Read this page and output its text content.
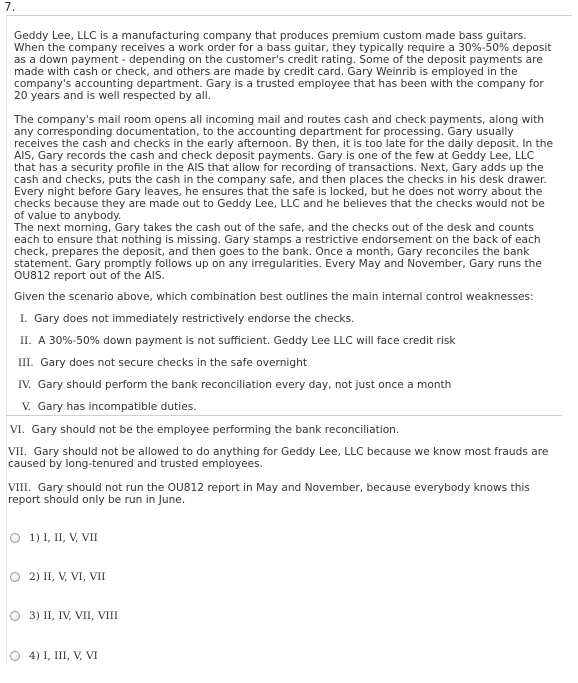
7.

Geddy Lee, LLC is a manufacturing company that produces premium custom made bass guitars. When the company receives a work order for a bass guitar, they typically require a 30%-50% deposit as a down payment - depending on the customer's credit rating. Some of the deposit payments are made with cash or check, and others are made by credit card. Gary Weinrib is employed in the company's accounting department. Gary is a trusted employee that has been with the company for 20 years and is well respected by all.

The company's mail room opens all incoming mail and routes cash and check payments, along with any corresponding documentation, to the accounting department for processing. Gary usually receives the cash and checks in the early afternoon. By then, it is too late for the daily deposit. In the AIS, Gary records the cash and check deposit payments. Gary is one of the few at Geddy Lee, LLC that has a security profile in the AIS that allow for recording of transactions. Next, Gary adds up the cash and checks, puts the cash in the company safe, and then places the checks in his desk drawer. Every night before Gary leaves, he ensures that the safe is locked, but he does not worry about the checks because they are made out to Geddy Lee, LLC and he believes that the checks would not be of value to anybody.

The next morning, Gary takes the cash out of the safe, and the checks out of the desk and counts each to ensure that nothing is missing. Gary stamps a restrictive endorsement on the back of each check, prepares the deposit, and then goes to the bank. Once a month, Gary reconciles the bank statement. Gary promptly follows up on any irregularities. Every May and November, Gary runs the OU812 report out of the AIS.

Given the scenario above, which combination best outlines the main internal control weaknesses:

I. Gary does not immediately restrictively endorse the checks.

II. A 30%-50% down payment is not sufficient. Geddy Lee LLC will face credit risk

III. Gary does not secure checks in the safe overnight

IV. Gary should perform the bank reconciliation every day, not just once a month

V. Gary has incompatible duties.

VI. Gary should not be the employee performing the bank reconciliation.

VII. Gary should not be allowed to do anything for Geddy Lee, LLC because we know most frauds are caused by long-tenured and trusted employees.

VIII. Gary should not run the OU812 report in May and November, because everybody knows this report should only be run in June.

1) I, II, V, VII
2) II, V, VI, VII
3) II, IV, VII, VIII
4) I, III, V, VI
